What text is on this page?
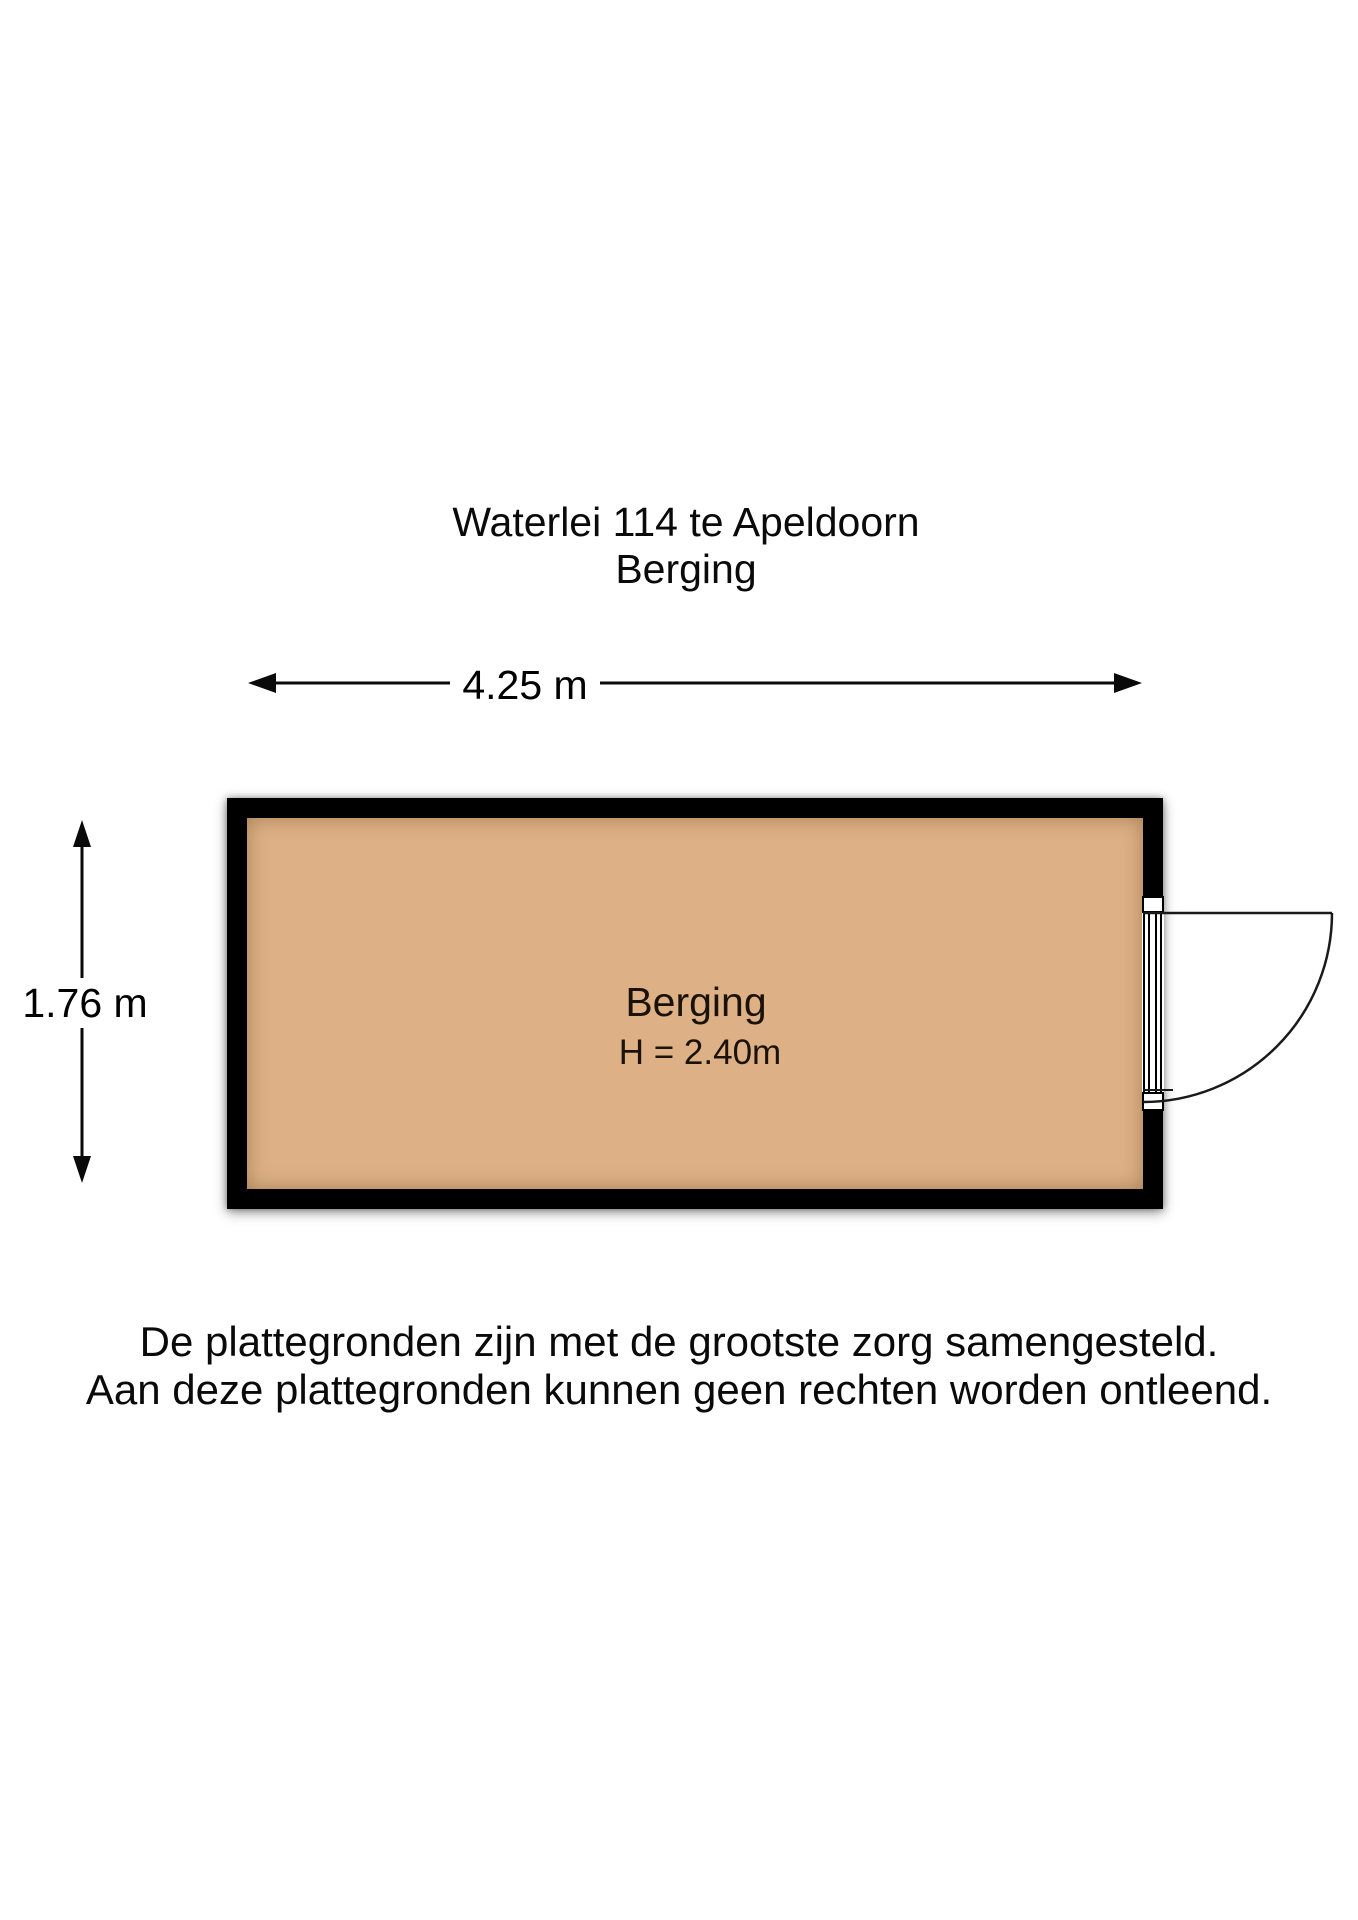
Waterlei 114 te Apeldoorn
Berging
Berging
H = 2.40m
4.25 m
1.76 m
De plattegronden zijn met de grootste zorg samengesteld.
Aan deze plattegronden kunnen geen rechten worden ontleend.
